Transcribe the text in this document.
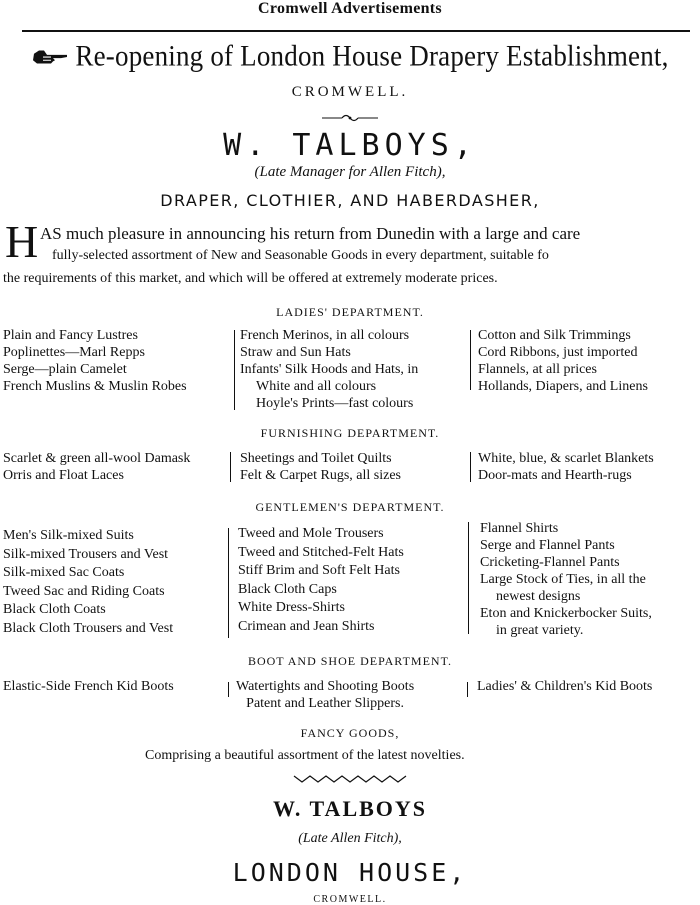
Cromwell Advertisements
Re-opening of London House Drapery Establishment,
CROMWELL.
W. TALBOYS,
(Late Manager for Allen Fitch),
DRAPER, CLOTHIER, AND HABERDASHER,
H AS much pleasure in announcing his return from Dunedin with a large and care
fully-selected assortment of New and Seasonable Goods in every department, suitable fo
the requirements of this market, and which will be offered at extremely moderate prices.
LADIES' DEPARTMENT.
Plain and Fancy Lustres
Poplinettes—Marl Repps
Serge—plain Camelet
French Muslins & Muslin Robes
French Merinos, in all colours
Straw and Sun Hats
Infants' Silk Hoods and Hats, in
White and all colours
Hoyle's Prints—fast colours
Cotton and Silk Trimmings
Cord Ribbons, just imported
Flannels, at all prices
Hollands, Diapers, and Linens
FURNISHING DEPARTMENT.
Scarlet & green all-wool Damask
Orris and Float Laces
Sheetings and Toilet Quilts
Felt & Carpet Rugs, all sizes
White, blue, & scarlet Blankets
Door-mats and Hearth-rugs
GENTLEMEN'S DEPARTMENT.
Men's Silk-mixed Suits
Silk-mixed Trousers and Vest
Silk-mixed Sac Coats
Tweed Sac and Riding Coats
Black Cloth Coats
Black Cloth Trousers and Vest
Tweed and Mole Trousers
Tweed and Stitched-Felt Hats
Stiff Brim and Soft Felt Hats
Black Cloth Caps
White Dress-Shirts
Crimean and Jean Shirts
Flannel Shirts
Serge and Flannel Pants
Cricketing-Flannel Pants
Large Stock of Ties, in all the
newest designs
Eton and Knickerbocker Suits,
in great variety.
BOOT AND SHOE DEPARTMENT.
Elastic-Side French Kid Boots	Watertights and Shooting Boots
Patent and Leather Slippers.
Ladies' & Children's Kid Boots
FANCY GOODS,
Comprising a beautiful assortment of the latest novelties.
W. TALBOYS
(Late Allen Fitch),
LONDON HOUSE,
CROMWELL.
